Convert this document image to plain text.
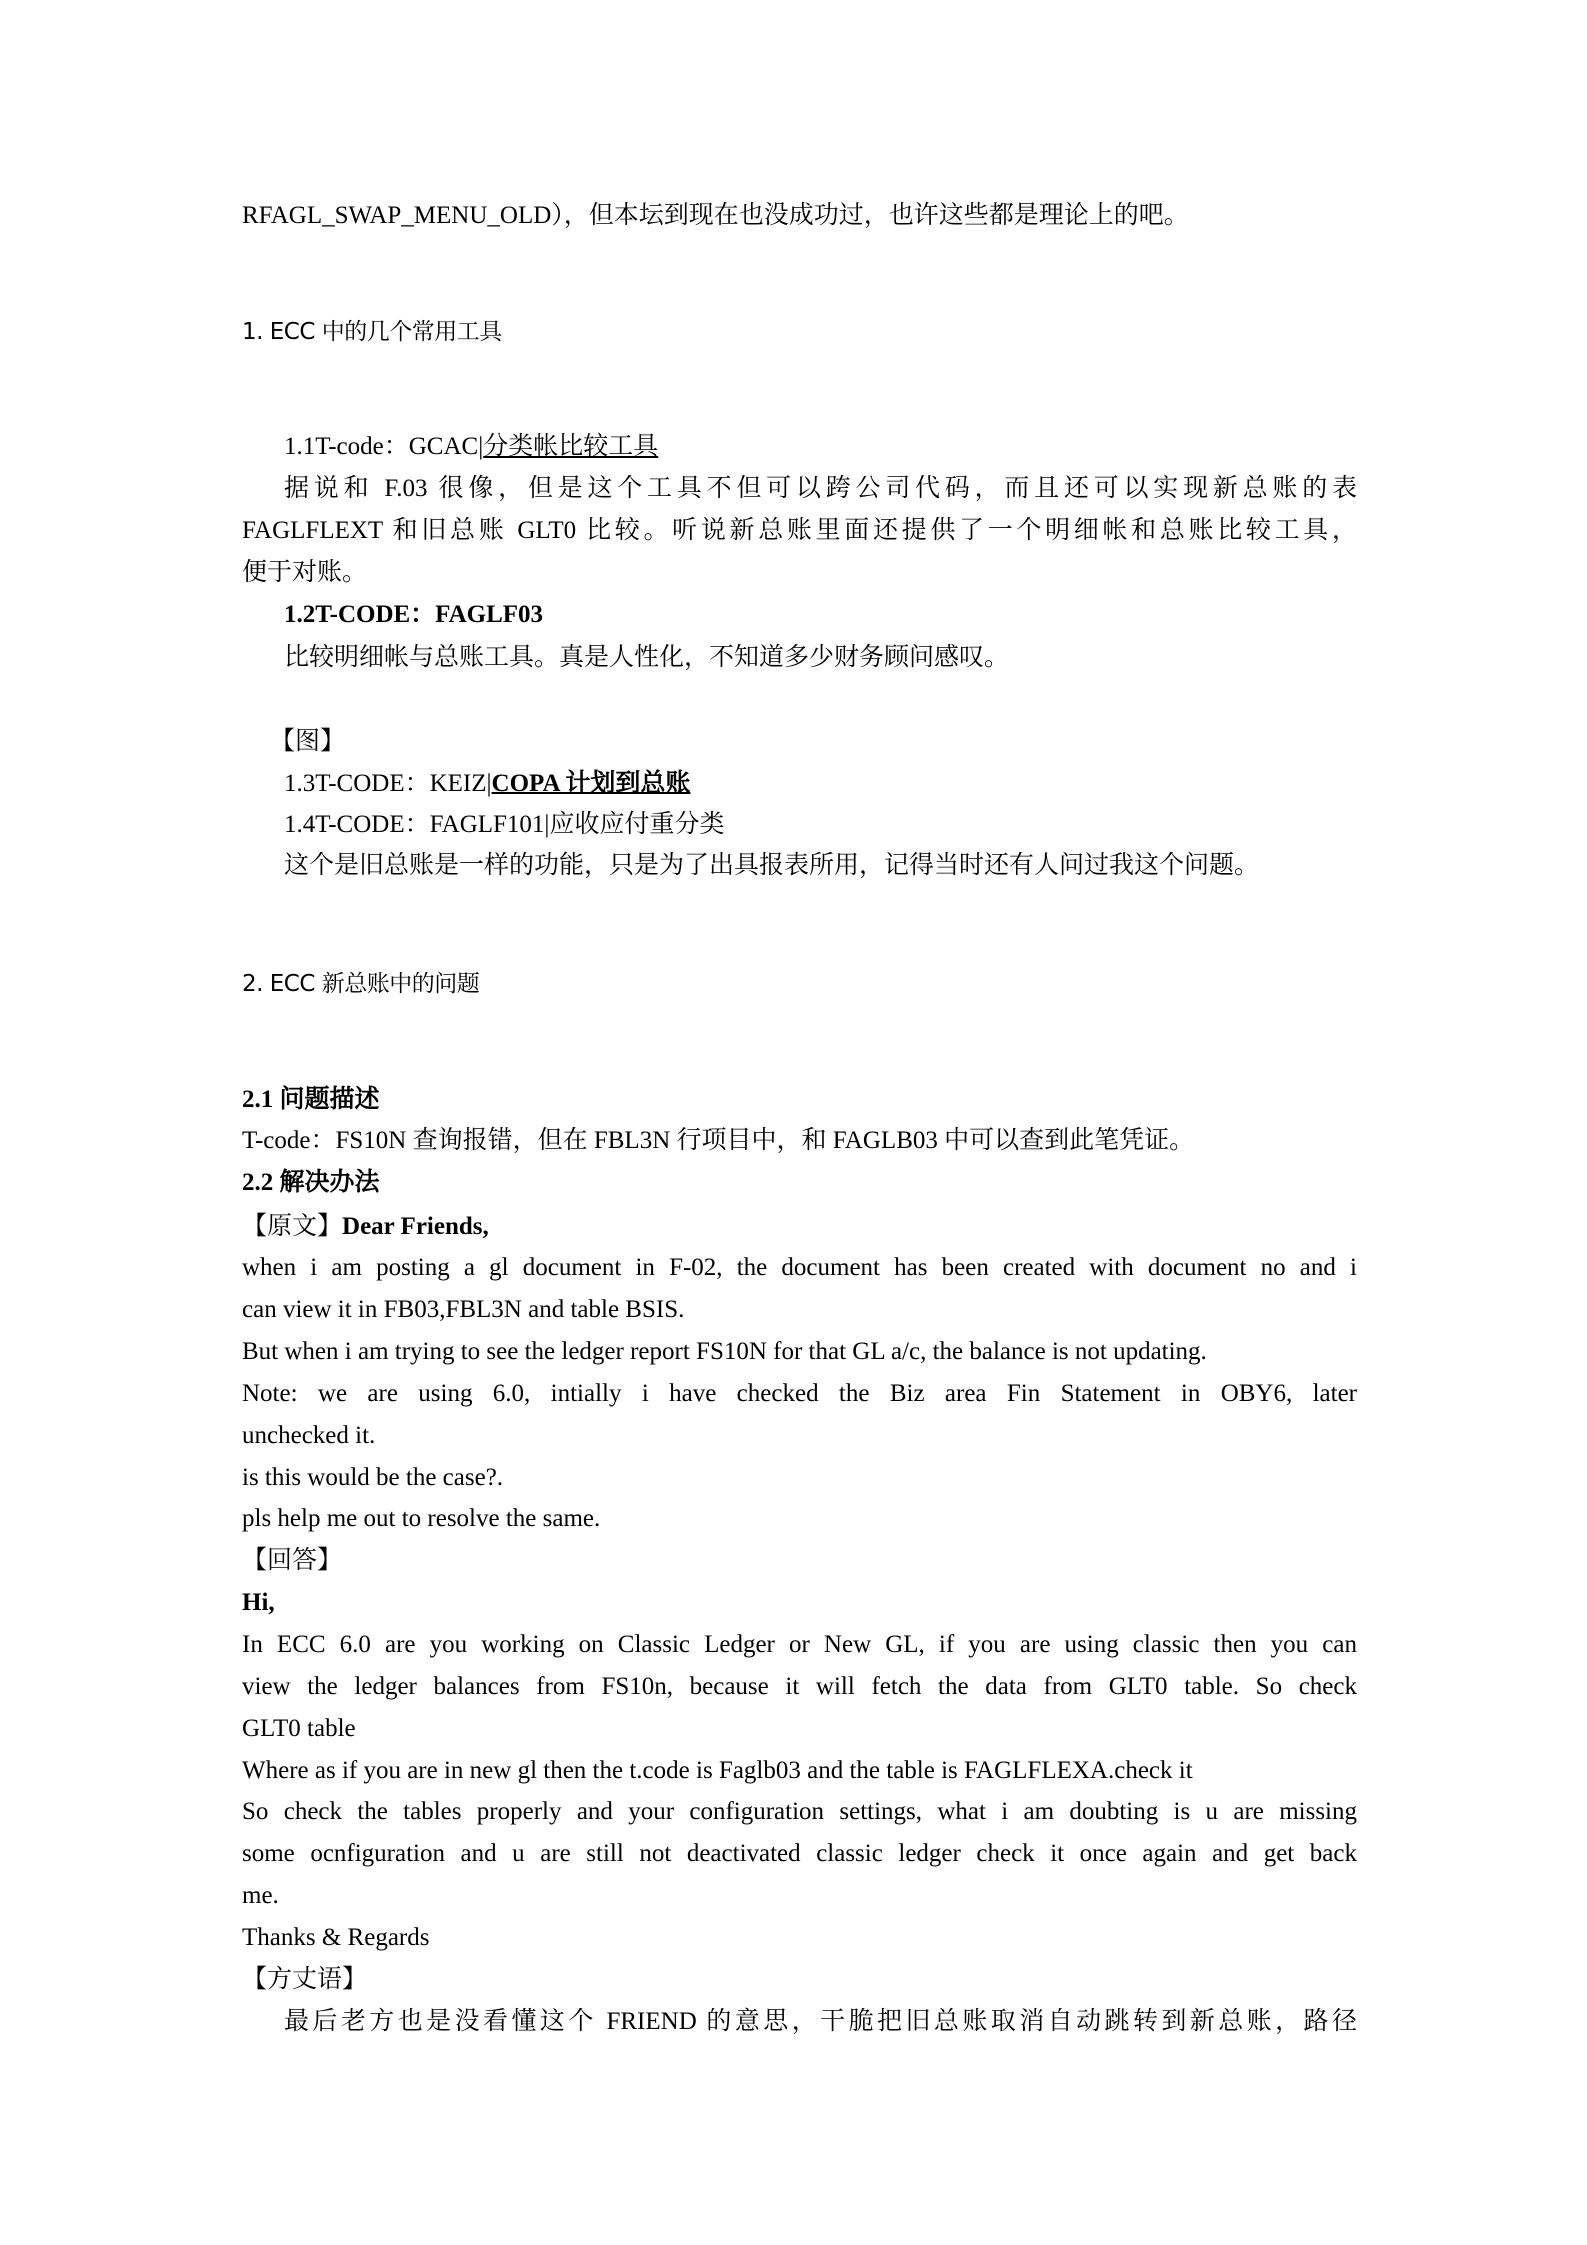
RFAGL_SWAP_MENU_OLD），但本坛到现在也没成功过，也许这些都是理论上的吧。
1. ECC 中的几个常用工具
1.1T-code：GCAC|分类帐比较工具
据说和 F.03 很像，但是这个工具不但可以跨公司代码，而且还可以实现新总账的表
FAGLFLEXT 和旧总账 GLT0 比较。听说新总账里面还提供了一个明细帐和总账比较工具，
便于对账。
1.2T-CODE：FAGLF03
比较明细帐与总账工具。真是人性化，不知道多少财务顾问感叹。
【图】
1.3T-CODE：KEIZ|COPA 计划到总账
1.4T-CODE：FAGLF101|应收应付重分类
这个是旧总账是一样的功能，只是为了出具报表所用，记得当时还有人问过我这个问题。
2. ECC 新总账中的问题
2.1 问题描述
T-code：FS10N 查询报错，但在 FBL3N 行项目中，和 FAGLB03 中可以查到此笔凭证。
2.2 解决办法
【原文】Dear Friends,
when i am posting a gl document in F-02, the document has been created with document no and i
can view it in FB03,FBL3N and table BSIS.
But when i am trying to see the ledger report FS10N for that GL a/c, the balance is not updating.
Note: we are using 6.0, intially i have checked the Biz area Fin Statement in OBY6, later
unchecked it.
is this would be the case?.
pls help me out to resolve the same.
【回答】
Hi,
In ECC 6.0 are you working on Classic Ledger or New GL, if you are using classic then you can
view the ledger balances from FS10n, because it will fetch the data from GLT0 table. So check
GLT0 table
Where as if you are in new gl then the t.code is Faglb03 and the table is FAGLFLEXA.check it
So check the tables properly and your configuration settings, what i am doubting is u are missing
some ocnfiguration and u are still not deactivated classic ledger check it once again and get back
me.
Thanks & Regards
【方丈语】
最后老方也是没看懂这个 FRIEND 的意思，干脆把旧总账取消自动跳转到新总账，路径
